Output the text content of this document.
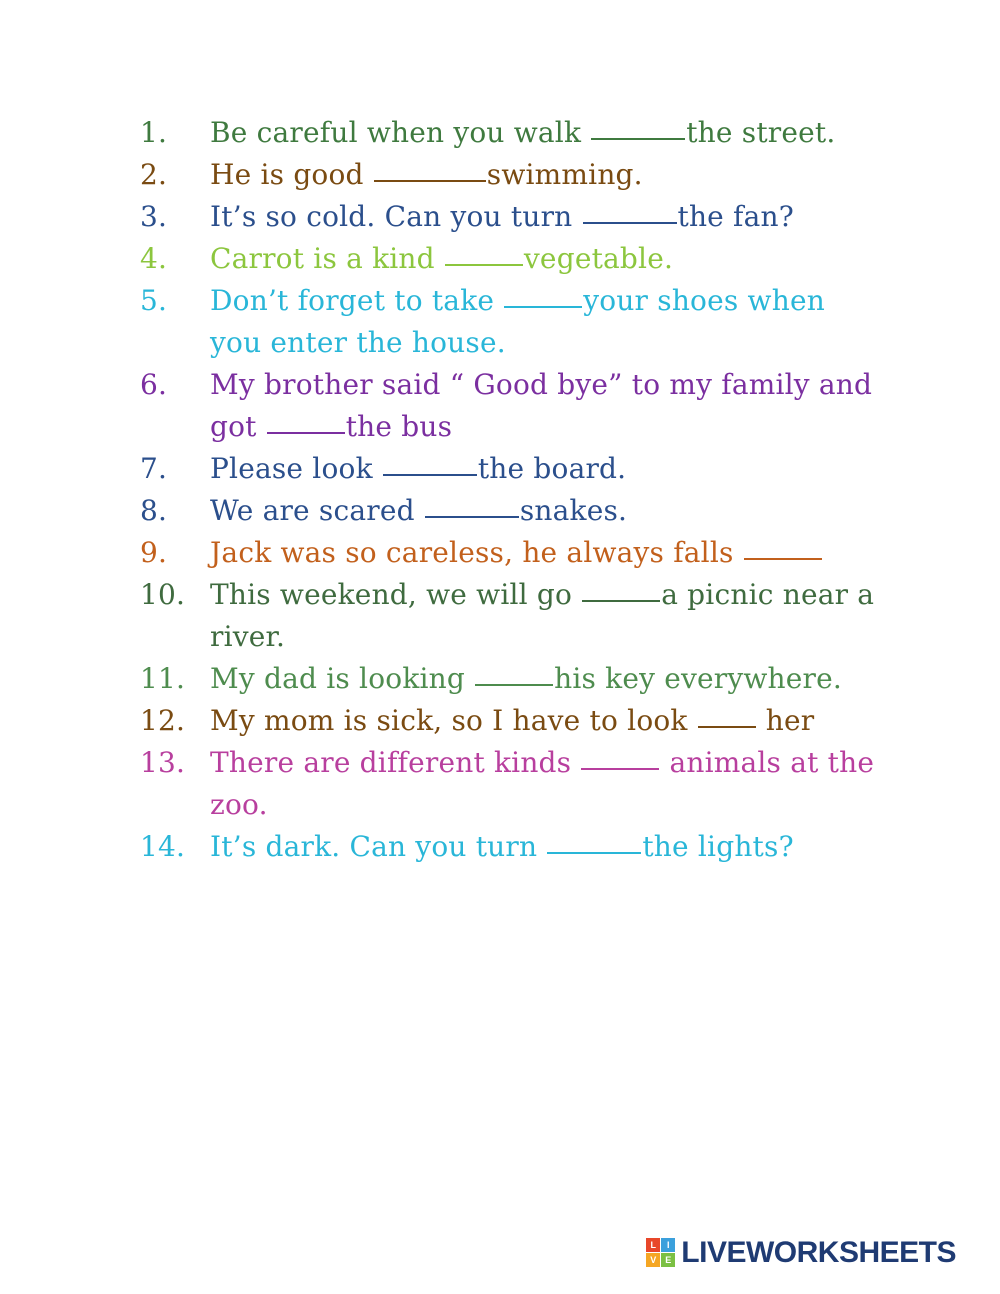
1.	Be careful when you walk	the street.
2.	He is good	swimming.
3.	It’s so cold. Can you turn	the fan?
4.	Carrot is a kind	vegetable.
5.	Don’t forget to take	your shoes when you enter the house.
6.	My brother said “ Good bye” to my family and got	the bus
7.	Please look	the board.
8.	We are scared	snakes.
9.	Jack was so careless, he always falls
10. This weekend, we will go	a picnic near a river.
11. My dad is looking	his key everywhere.
12. My mom is sick, so I have to look  her
13. There are different kinds	animals at the zoo.
14. It’s dark. Can you turn	the lights?
L	I
V E LIVEWORKSHEETS
